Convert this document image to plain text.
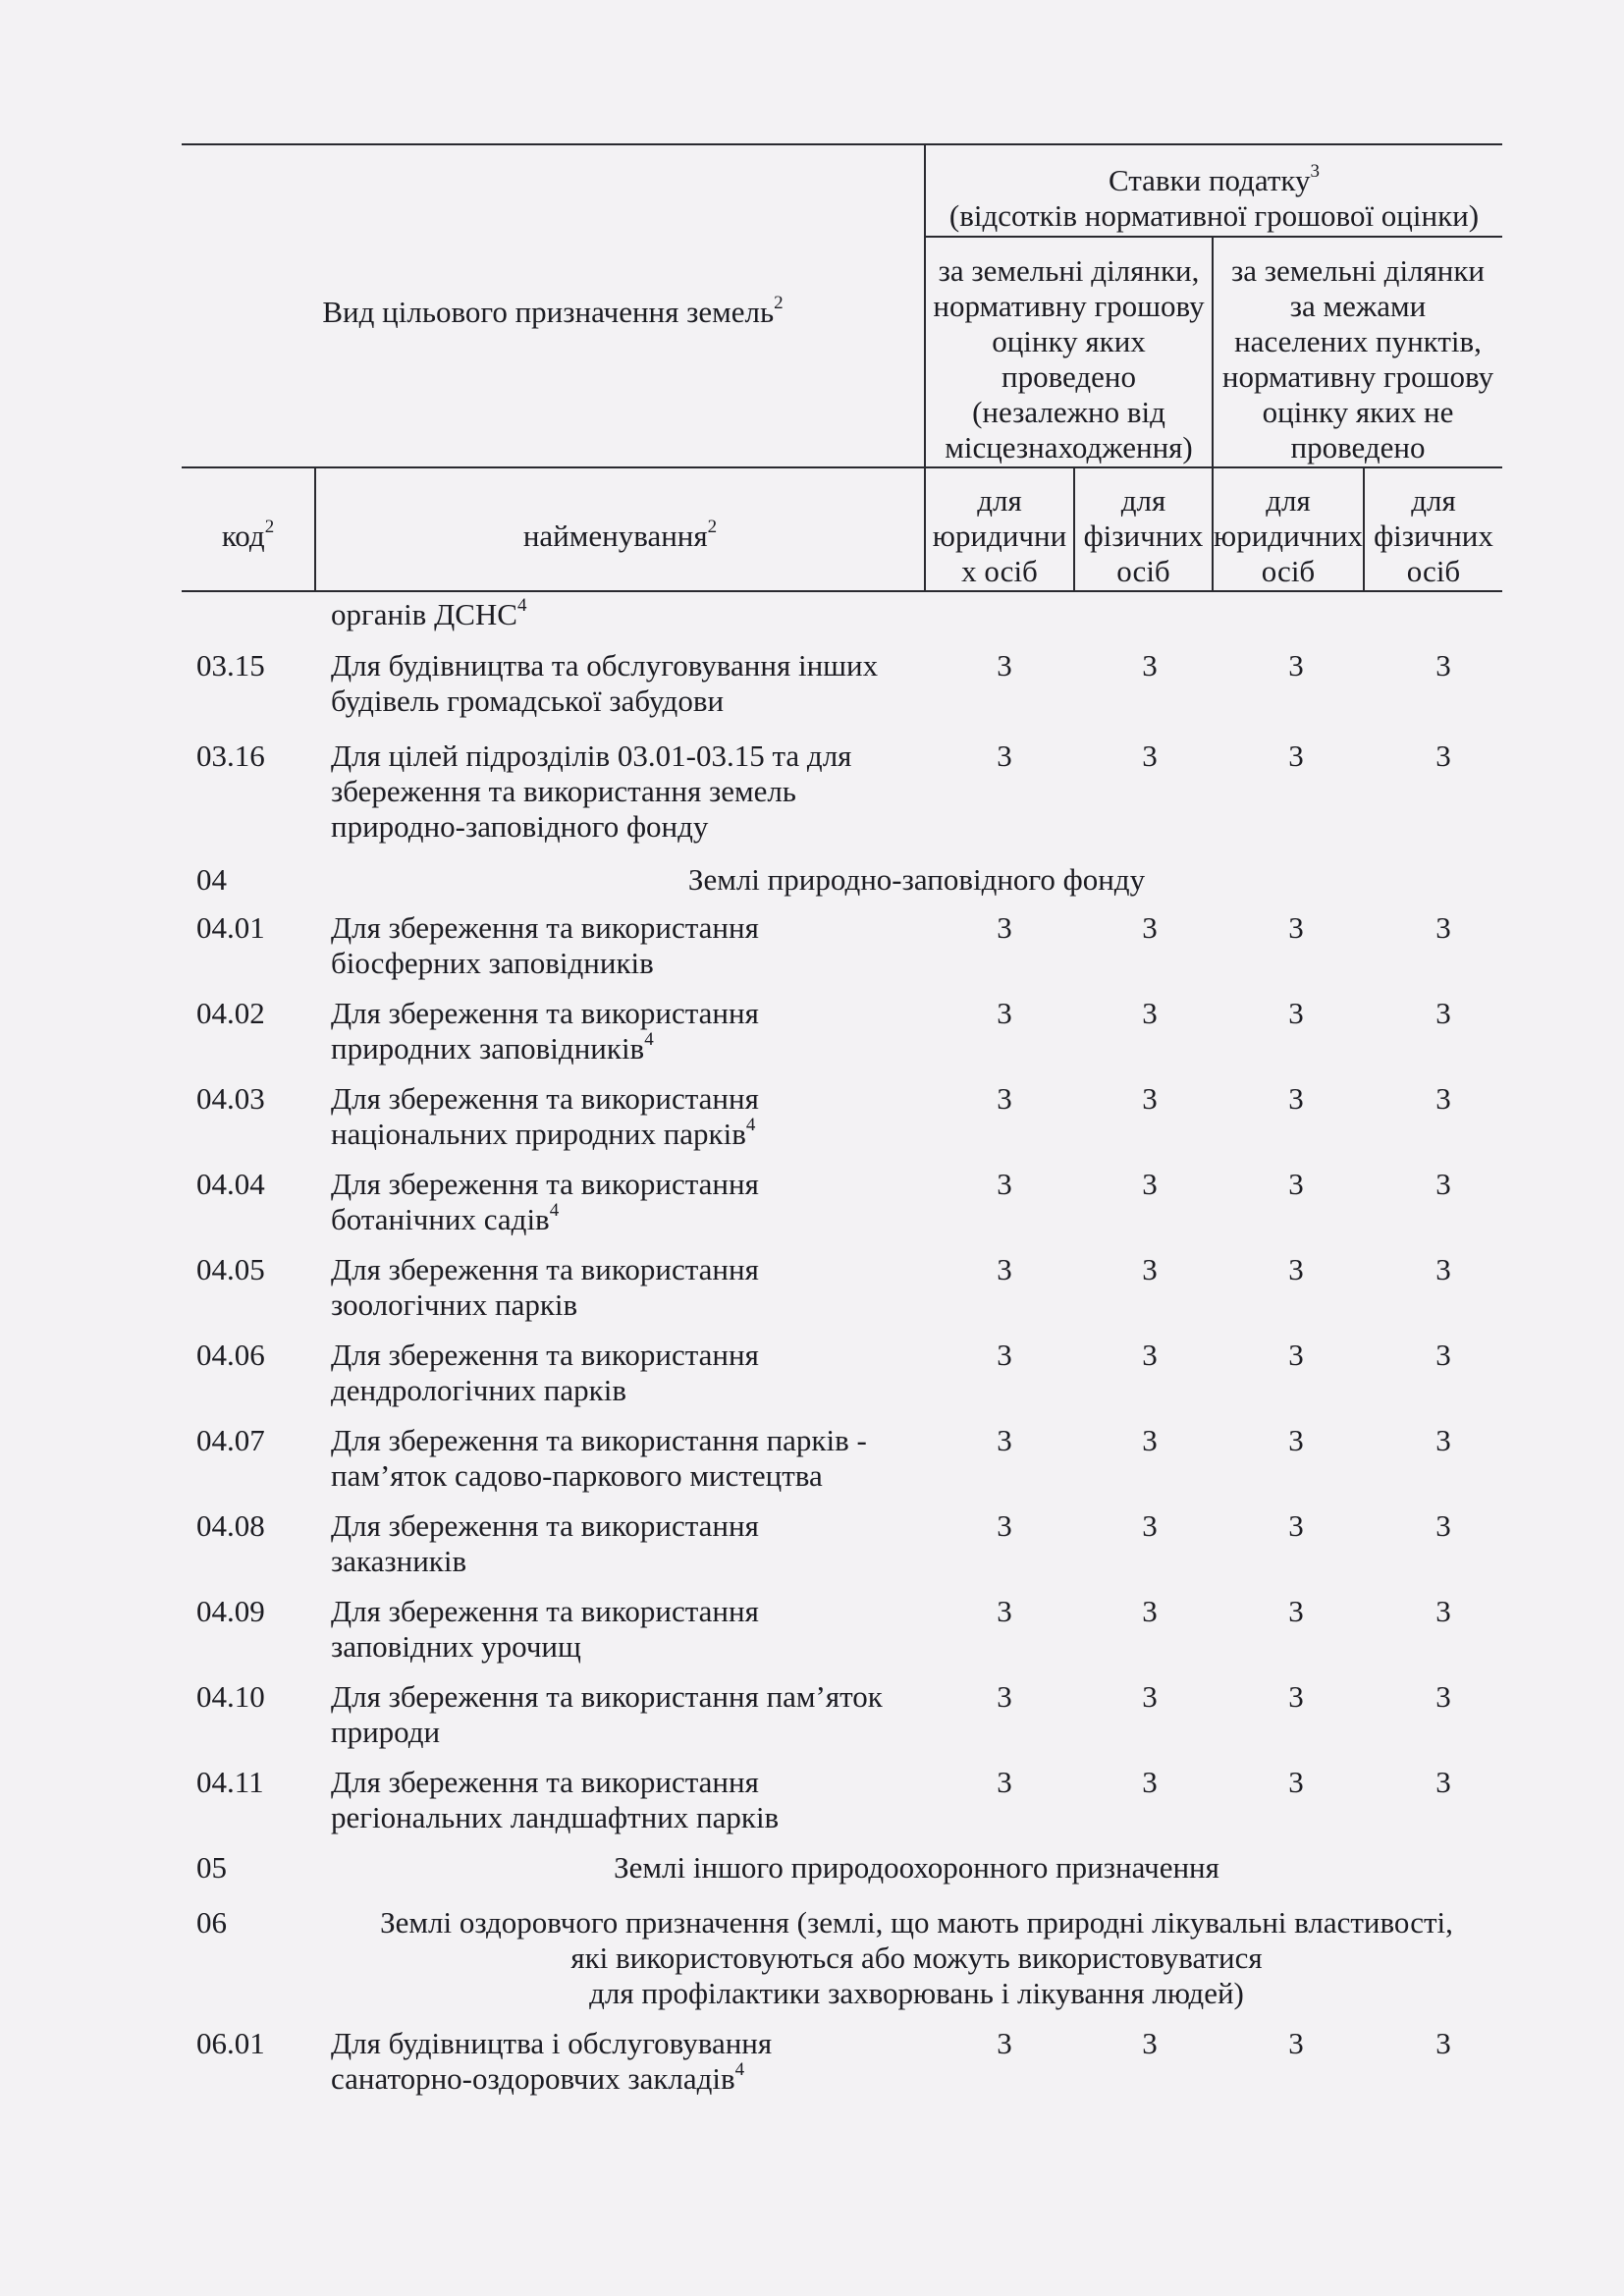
Ставки податку$^3$
(відсотків нормативної грошової оцінки)
Вид цільового призначення земель$^2$
за земельні ділянки,
нормативну грошову
оцінку яких
проведено
(незалежно від
місцезнаходження)
за земельні ділянки
за межами
населених пунктів,
нормативну грошову
оцінку яких не
проведено
код$^2$	найменування$^2$
для
юридични
х осіб
для
фізичних
осіб
для
юридичних
осіб
для
фізичних
осіб
органів ДСНС$^4$
03.15 Для будівництва та обслуговування інших
будівель громадської забудови
3	3	3	3
03.16 Для цілей підрозділів 03.01-03.15 та для
збереження та використання земель
природно-заповідного фонду
3	3	3	3
04	Землі природно-заповідного фонду
04.01 Для збереження та використання
біосферних заповідників
3	3	3	3
04.02 Для збереження та використання
природних заповідників$^4$
3	3	3	3
04.03 Для збереження та використання
національних природних парків$^4$
3	3	3	3
04.04 Для збереження та використання
ботанічних садів$^4$
3	3	3	3
04.05 Для збереження та використання
зоологічних парків
3	3	3	3
04.06 Для збереження та використання
дендрологічних парків
3	3	3	3
04.07 Для збереження та використання парків -
пам’яток садово-паркового мистецтва
3	3	3	3
04.08 Для збереження та використання
заказників
3	3	3	3
04.09 Для збереження та використання
заповідних урочищ
3	3	3	3
04.10 Для збереження та використання пам’яток
природи
3	3	3	3
04.11 Для збереження та використання
регіональних ландшафтних парків
3	3	3	3
05	Землі іншого природоохоронного призначення
06	Землі оздоровчого призначення (землі, що мають природні лікувальні властивості,
які використовуються або можуть використовуватися
для профілактики захворювань і лікування людей)
06.01 Для будівництва і обслуговування
санаторно-оздоровчих закладів$^4$
3	3	3	3
